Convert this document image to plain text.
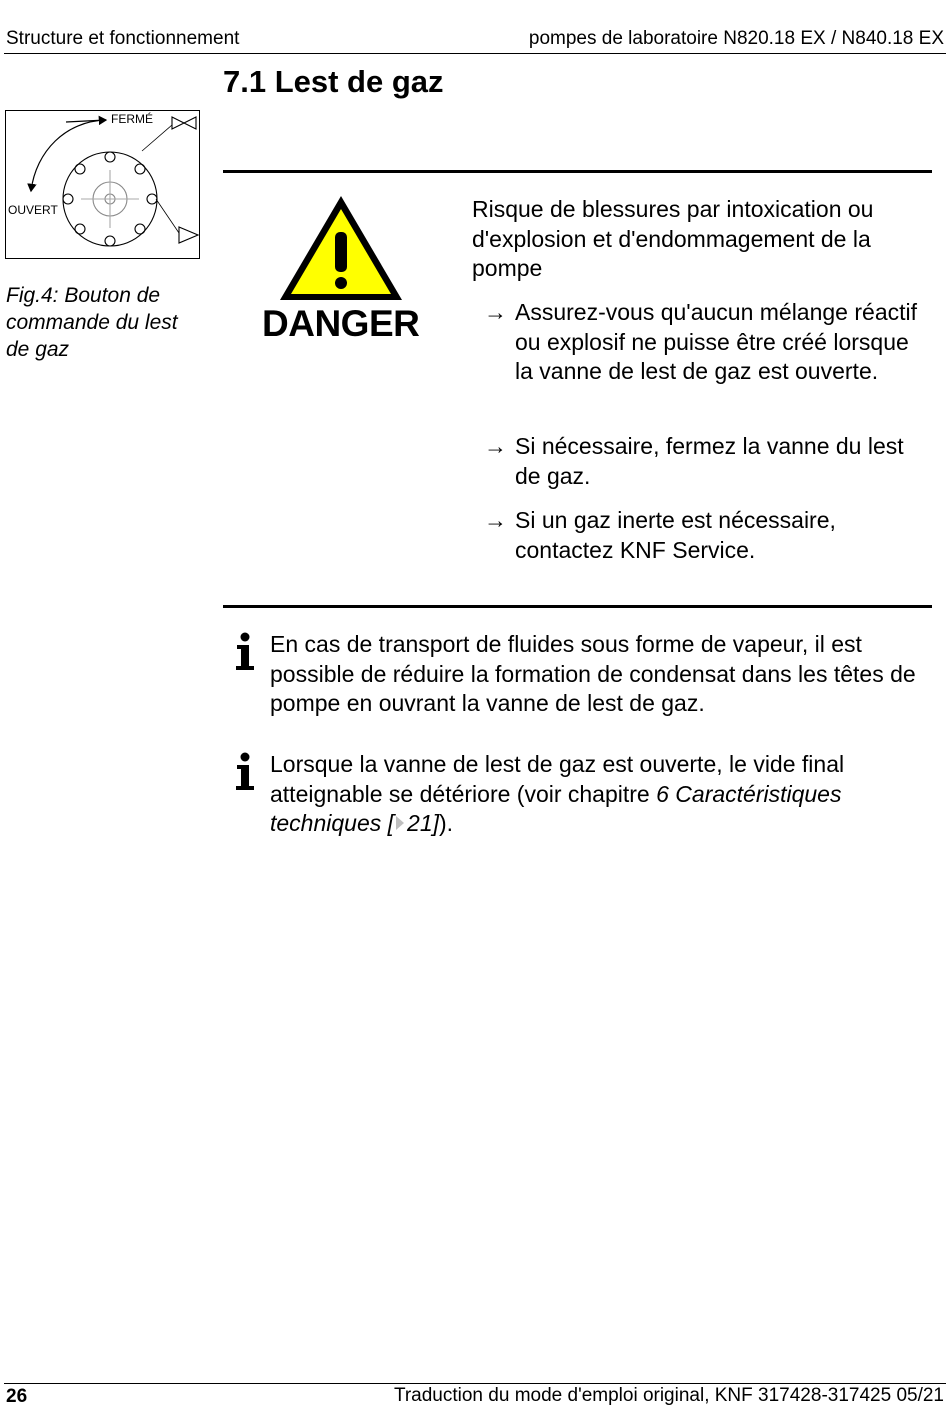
Structure et fonctionnement	pompes de laboratoire N820.18 EX / N840.18 EX
7.1 Lest de gaz
FERMÉ
OUVERT
Fig.4: Bouton de commande du lest de gaz
DANGER
Risque de blessures par intoxication ou d'explosion et d'endommagement de la pompe
→ Assurez-vous qu'aucun mélange réactif ou explosif ne puisse être créé lorsque la vanne de lest de gaz est ouverte.
→ Si nécessaire, fermez la vanne du lest de gaz.
→ Si un gaz inerte est nécessaire, contactez KNF Service.
En cas de transport de fluides sous forme de vapeur, il est possible de réduire la formation de condensat dans les têtes de pompe en ouvrant la vanne de lest de gaz.
Lorsque la vanne de lest de gaz est ouverte, le vide final atteignable se détériore (voir chapitre 6 Caractéristiques techniques [ 21]).
26	Traduction du mode d'emploi original, KNF 317428-317425 05/21
